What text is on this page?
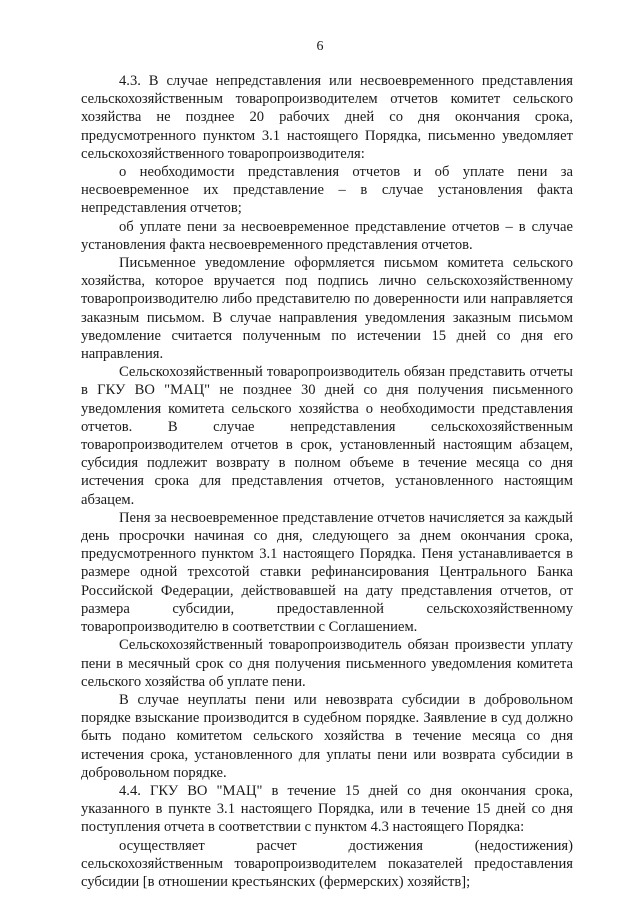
6

4.3. В случае непредставления или несвоевременного представления сельскохозяйственным товаропроизводителем отчетов комитет сельского хозяйства не позднее 20 рабочих дней со дня окончания срока, предусмотренного пунктом 3.1 настоящего Порядка, письменно уведомляет сельскохозяйственного товаропроизводителя:

о необходимости представления отчетов и об уплате пени за несвоевременное их представление – в случае установления факта непредставления отчетов;

об уплате пени за несвоевременное представление отчетов – в случае установления факта несвоевременного представления отчетов.

Письменное уведомление оформляется письмом комитета сельского хозяйства, которое вручается под подпись лично сельскохозяйственному товаропроизводителю либо представителю по доверенности или направляется заказным письмом. В случае направления уведомления заказным письмом уведомление считается полученным по истечении 15 дней со дня его направления.

Сельскохозяйственный товаропроизводитель обязан представить отчеты в ГКУ ВО "МАЦ" не позднее 30 дней со дня получения письменного уведомления комитета сельского хозяйства о необходимости представления отчетов. В случае непредставления сельскохозяйственным товаропроизводителем отчетов в срок, установленный настоящим абзацем, субсидия подлежит возврату в полном объеме в течение месяца со дня истечения срока для представления отчетов, установленного настоящим абзацем.

Пеня за несвоевременное представление отчетов начисляется за каждый день просрочки начиная со дня, следующего за днем окончания срока, предусмотренного пунктом 3.1 настоящего Порядка. Пеня устанавливается в размере одной трехсотой ставки рефинансирования Центрального Банка Российской Федерации, действовавшей на дату представления отчетов, от размера субсидии, предоставленной сельскохозяйственному товаропроизводителю в соответствии с Соглашением.

Сельскохозяйственный товаропроизводитель обязан произвести уплату пени в месячный срок со дня получения письменного уведомления комитета сельского хозяйства об уплате пени.

В случае неуплаты пени или невозврата субсидии в добровольном порядке взыскание производится в судебном порядке. Заявление в суд должно быть подано комитетом сельского хозяйства в течение месяца со дня истечения срока, установленного для уплаты пени или возврата субсидии в добровольном порядке.

4.4. ГКУ ВО "МАЦ" в течение 15 дней со дня окончания срока, указанного в пункте 3.1 настоящего Порядка, или в течение 15 дней со дня поступления отчета в соответствии с пунктом 4.3 настоящего Порядка:

осуществляет расчет достижения (недостижения) сельскохозяйственным товаропроизводителем показателей предоставления субсидии [в отношении крестьянских (фермерских) хозяйств];
